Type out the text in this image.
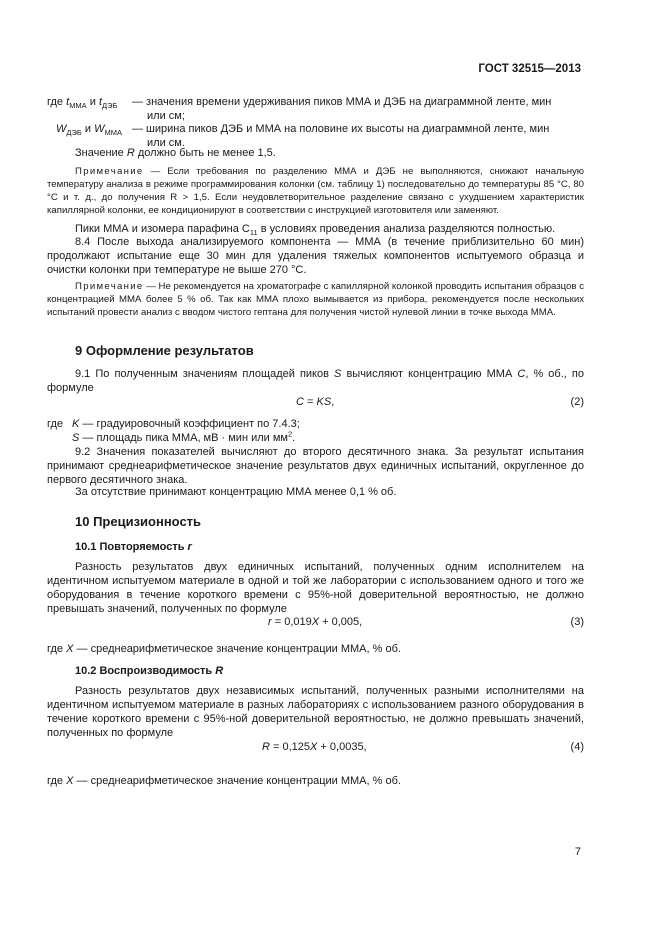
ГОСТ 32515—2013
где $t_{ММА}$ и $t_{ДЭБ}$	— значения времени удерживания пиков ММА и ДЭБ на диаграммной ленте, мин
или см;
$W_{ДЭБ}$ и $W_{ММА}$ — ширина пиков ДЭБ и ММА на половине их высоты на диаграммной ленте, мин
или см.
Значение R должно быть не менее 1,5.
Примечание — Если требования по разделению ММА и ДЭБ не выполняются, снижают начальную температуру анализа в режиме программирования колонки (см. таблицу 1) последовательно до температуры 85 °С, 80 °С и т. д., до получения R > 1,5. Если неудовлетворительное разделение связано с ухудшением характеристик капиллярной колонки, ее кондиционируют в соответствии с инструкцией изготовителя или заменяют.
Пики ММА и изомера парафина $C_{11}$ в условиях проведения анализа разделяются полностью.
8.4 После выхода анализируемого компонента — ММА (в течение приблизительно 60 мин) продолжают испытание еще 30 мин для удаления тяжелых компонентов испытуемого образца и очистки колонки при температуре не выше 270 °С.
Примечание — Не рекомендуется на хроматографе с капиллярной колонкой проводить испытания образцов с концентрацией ММА более 5 % об. Так как ММА плохо вымывается из прибора, рекомендуется после нескольких испытаний провести анализ с вводом чистого гептана для получения чистой нулевой линии в точке выхода ММА.
9 Оформление результатов
9.1 По полученным значениям площадей пиков S вычисляют концентрацию ММА C, % об., по формуле
C = KS,	(2)
где K — градуировочный коэффициент по 7.4.3;
S — площадь пика ММА, мВ · мин или $мм^2$.
9.2 Значения показателей вычисляют до второго десятичного знака. За результат испытания принимают среднеарифметическое значение результатов двух единичных испытаний, округленное до первого десятичного знака.
За отсутствие принимают концентрацию ММА менее 0,1 % об.
10 Прецизионность
10.1 Повторяемость r
Разность результатов двух единичных испытаний, полученных одним исполнителем на идентичном испытуемом материале в одной и той же лаборатории с использованием одного и того же оборудования в течение короткого времени с 95%-ной доверительной вероятностью, не должно превышать значений, полученных по формуле
r = 0,019X + 0,005,	(3)
где X — среднеарифметическое значение концентрации ММА, % об.
10.2 Воспроизводимость R
Разность результатов двух независимых испытаний, полученных разными исполнителями на идентичном испытуемом материале в разных лабораториях с использованием разного оборудования в течение короткого времени с 95%-ной доверительной вероятностью, не должно превышать значений, полученных по формуле
R = 0,125X + 0,0035,	(4)
где X — среднеарифметическое значение концентрации ММА, % об.
7
